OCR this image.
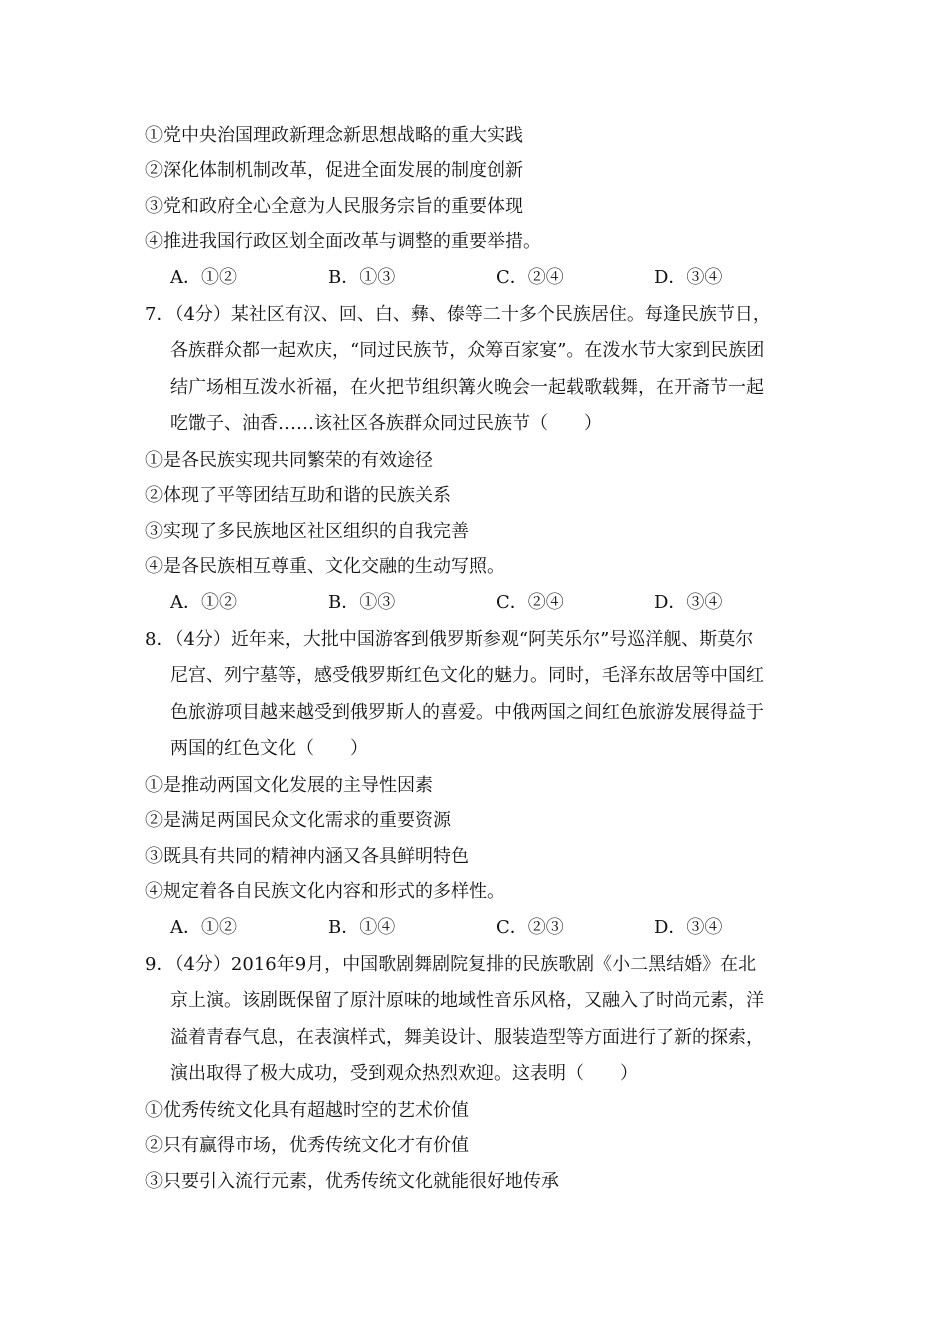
①党中央治国理政新理念新思想战略的重大实践
②深化体制机制改革，促进全面发展的制度创新
③党和政府全心全意为人民服务宗旨的重要体现
④推进我国行政区划全面改革与调整的重要举措。
A．①②	B．①③	C．②④	D．③④
7．（4分）某社区有汉、回、白、彝、傣等二十多个民族居住。每逢民族节日，
各族群众都一起欢庆，“同过民族节，众筹百家宴”。在泼水节大家到民族团
结广场相互泼水祈福，在火把节组织篝火晚会一起载歌载舞，在开斋节一起
吃馓子、油香……该社区各族群众同过民族节（　　）
①是各民族实现共同繁荣的有效途径
②体现了平等团结互助和谐的民族关系
③实现了多民族地区社区组织的自我完善
④是各民族相互尊重、文化交融的生动写照。
A．①②	B．①③	C．②④	D．③④
8．（4分）近年来，大批中国游客到俄罗斯参观“阿芙乐尔”号巡洋舰、斯莫尔
尼宫、列宁墓等，感受俄罗斯红色文化的魅力。同时，毛泽东故居等中国红
色旅游项目越来越受到俄罗斯人的喜爱。中俄两国之间红色旅游发展得益于
两国的红色文化（　　）
①是推动两国文化发展的主导性因素
②是满足两国民众文化需求的重要资源
③既具有共同的精神内涵又各具鲜明特色
④规定着各自民族文化内容和形式的多样性。
A．①②	B．①④	C．②③	D．③④
9．（4分）2016年9月，中国歌剧舞剧院复排的民族歌剧《小二黑结婚》在北
京上演。该剧既保留了原汁原味的地域性音乐风格，又融入了时尚元素，洋
溢着青春气息，在表演样式，舞美设计、服装造型等方面进行了新的探索，
演出取得了极大成功，受到观众热烈欢迎。这表明（　　）
①优秀传统文化具有超越时空的艺术价值
②只有赢得市场，优秀传统文化才有价值
③只要引入流行元素，优秀传统文化就能很好地传承
